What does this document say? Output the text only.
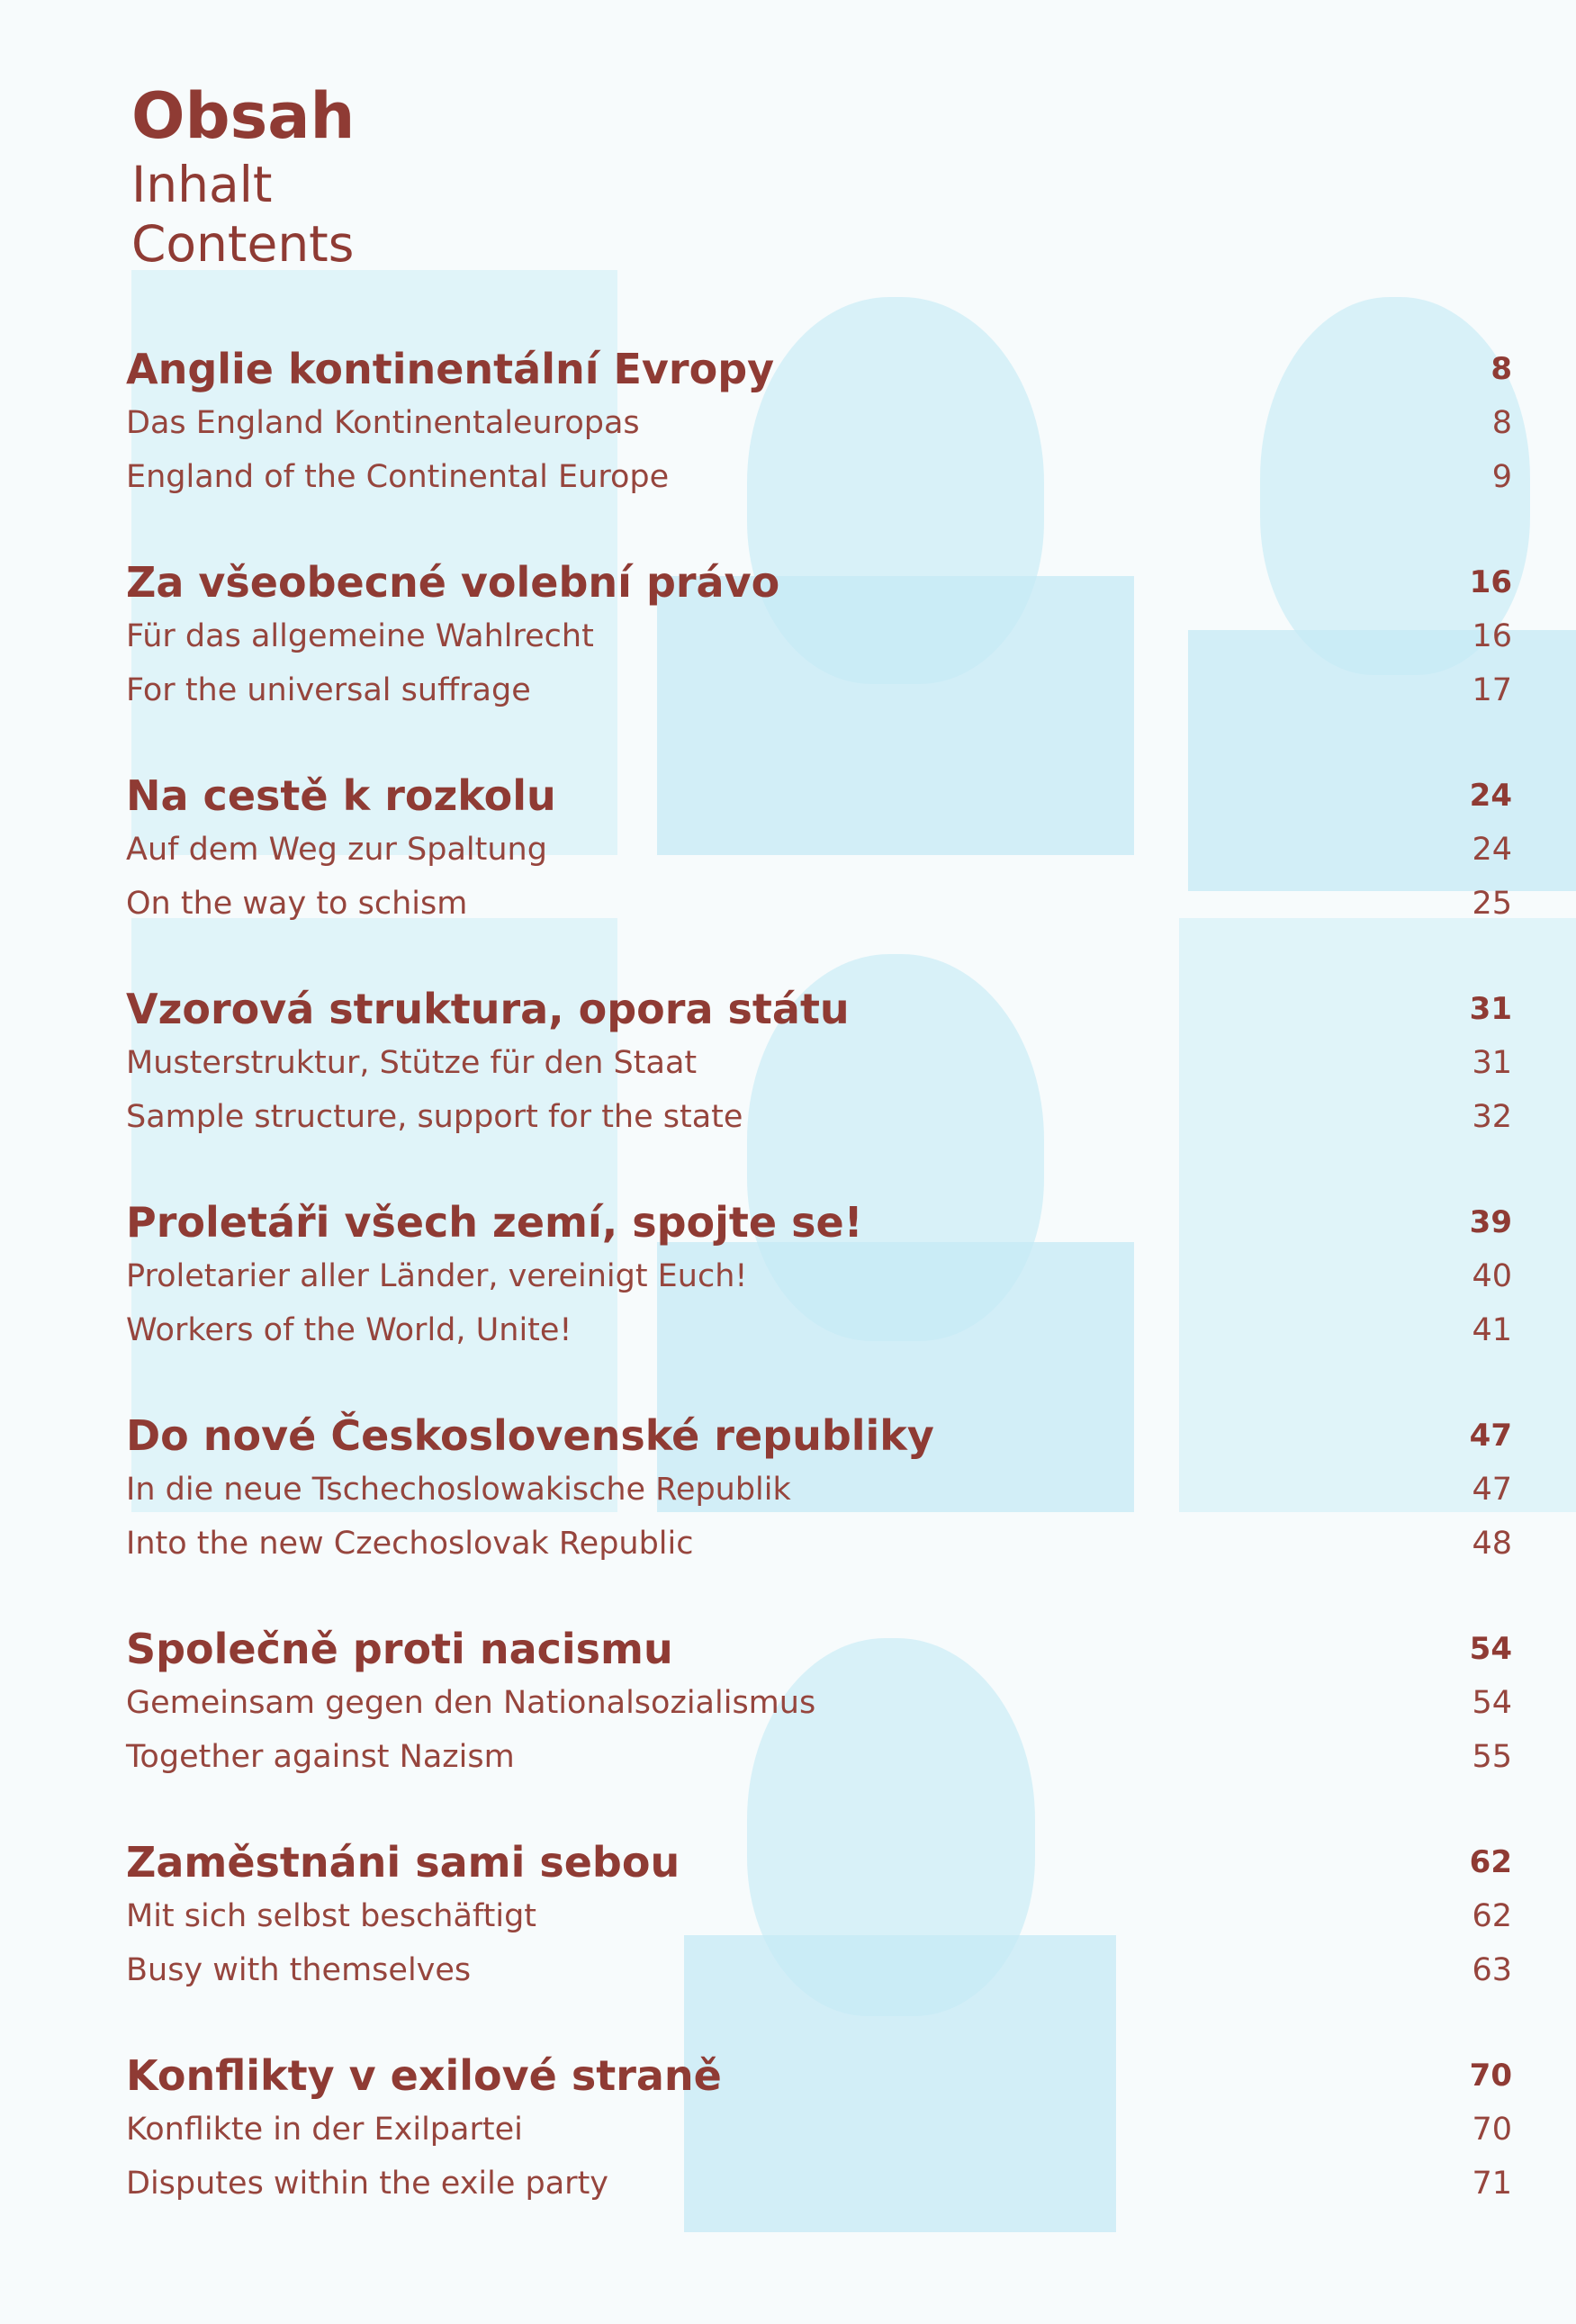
Obsah
Inhalt
Contents
Anglie kontinentální Evropy	8
Das England Kontinentaleuropas	8
England of the Continental Europe	9
Za všeobecné volební právo	16
Für das allgemeine Wahlrecht	16
For the universal suffrage	17
Na cestě k rozkolu	24
Auf dem Weg zur Spaltung	24
On the way to schism	25
Vzorová struktura, opora státu	31
Musterstruktur, Stütze für den Staat	31
Sample structure, support for the state	32
Proletáři všech zemí, spojte se!	39
Proletarier aller Länder, vereinigt Euch!	40
Workers of the World, Unite!	41
Do nové Československé republiky	47
In die neue Tschechoslowakische Republik	47
Into the new Czechoslovak Republic	48
Společně proti nacismu	54
Gemeinsam gegen den Nationalsozialismus	54
Together against Nazism	55
Zaměstnáni sami sebou	62
Mit sich selbst beschäftigt	62
Busy with themselves	63
Konflikty v exilové straně	70
Konflikte in der Exilpartei	70
Disputes within the exile party	71
